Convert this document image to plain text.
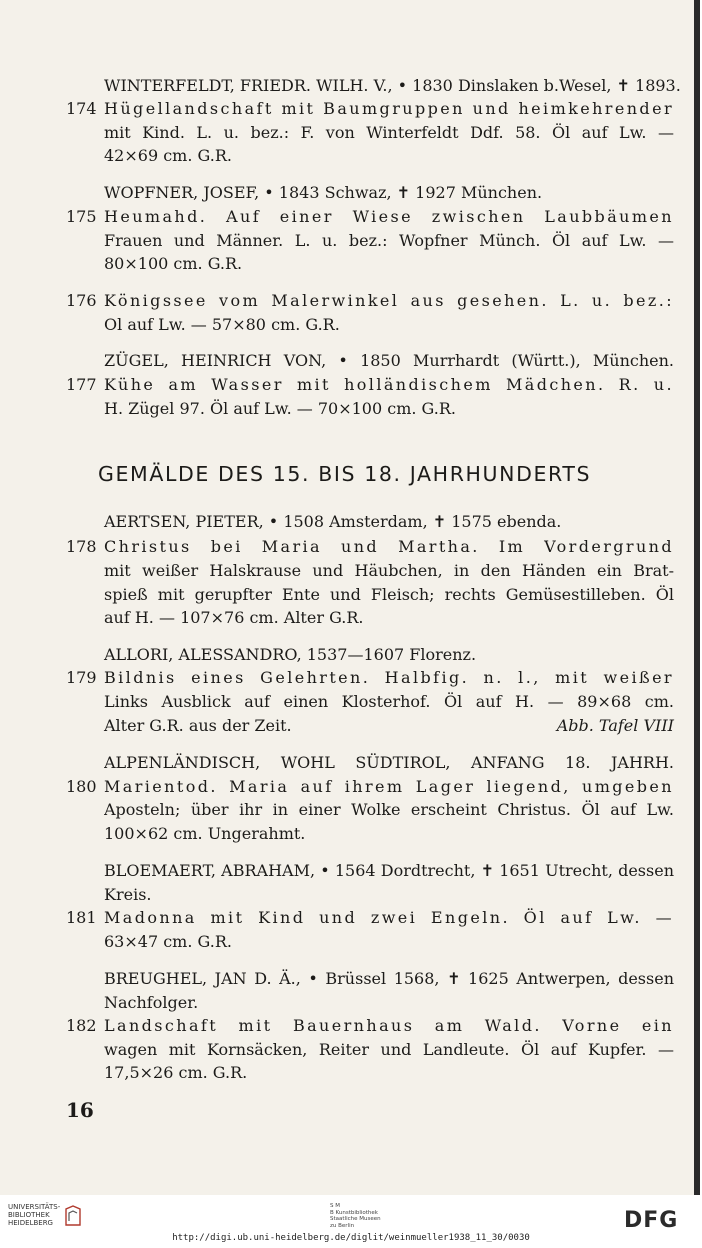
WINTERFELDT, FRIEDR. WILH. V., • 1830 Dinslaken b.Wesel, ✝ 1893.
174 Hügellandschaft mit Baumgruppen und heimkehrender
mit Kind. L. u. bez.: F. von Winterfeldt Ddf. 58. Öl auf Lw. —
42×69 cm. G.R.
WOPFNER, JOSEF, • 1843 Schwaz, ✝ 1927 München.
175 Heumahd. Auf einer Wiese zwischen Laubbäumen
Frauen und Männer. L. u. bez.: Wopfner Münch. Öl auf Lw. —
80×100 cm. G.R.
176 Königssee vom Malerwinkel aus gesehen. L. u. bez.:
Ol auf Lw. — 57×80 cm. G.R.
ZÜGEL, HEINRICH VON, • 1850 Murrhardt (Württ.), München.
177 Kühe am Wasser mit holländischem Mädchen. R. u.
H. Zügel 97. Öl auf Lw. — 70×100 cm. G.R.
GEMÄLDE DES 15. BIS 18. JAHRHUNDERTS
AERTSEN, PIETER, • 1508 Amsterdam, ✝ 1575 ebenda.
178 Christus bei Maria und Martha. Im Vordergrund
mit weißer Halskrause und Häubchen, in den Händen ein Brat-
spieß mit gerupfter Ente und Fleisch; rechts Gemüsestilleben. Öl
auf H. — 107×76 cm. Alter G.R.
ALLORI, ALESSANDRO, 1537—1607 Florenz.
179 Bildnis eines Gelehrten. Halbfig. n. l., mit weißer
Links Ausblick auf einen Klosterhof. Öl auf H. — 89×68 cm.
Alter G.R. aus der Zeit.	Abb. Tafel VIII
ALPENLÄNDISCH, WOHL SÜDTIROL, ANFANG 18. JAHRH.
180 Marientod. Maria auf ihrem Lager liegend, umgeben
Aposteln; über ihr in einer Wolke erscheint Christus. Öl auf Lw.
100×62 cm. Ungerahmt.
BLOEMAERT, ABRAHAM, • 1564 Dordtrecht, ✝ 1651 Utrecht, dessen
Kreis.
181 Madonna mit Kind und zwei Engeln. Öl auf Lw. —
63×47 cm. G.R.
BREUGHEL, JAN D. Ä., • Brüssel 1568, ✝ 1625 Antwerpen, dessen
Nachfolger.
182 Landschaft mit Bauernhaus am Wald. Vorne ein
wagen mit Kornsäcken, Reiter und Landleute. Öl auf Kupfer. —
17,5×26 cm. G.R.
16
UNIVERSITÄTS-
BIBLIOTHEK
HEIDELBERG
S M
B Kunstbibliothek
Staatliche Museen
zu Berlin	DFG
http://digi.ub.uni-heidelberg.de/diglit/weinmueller1938_11_30/0030
